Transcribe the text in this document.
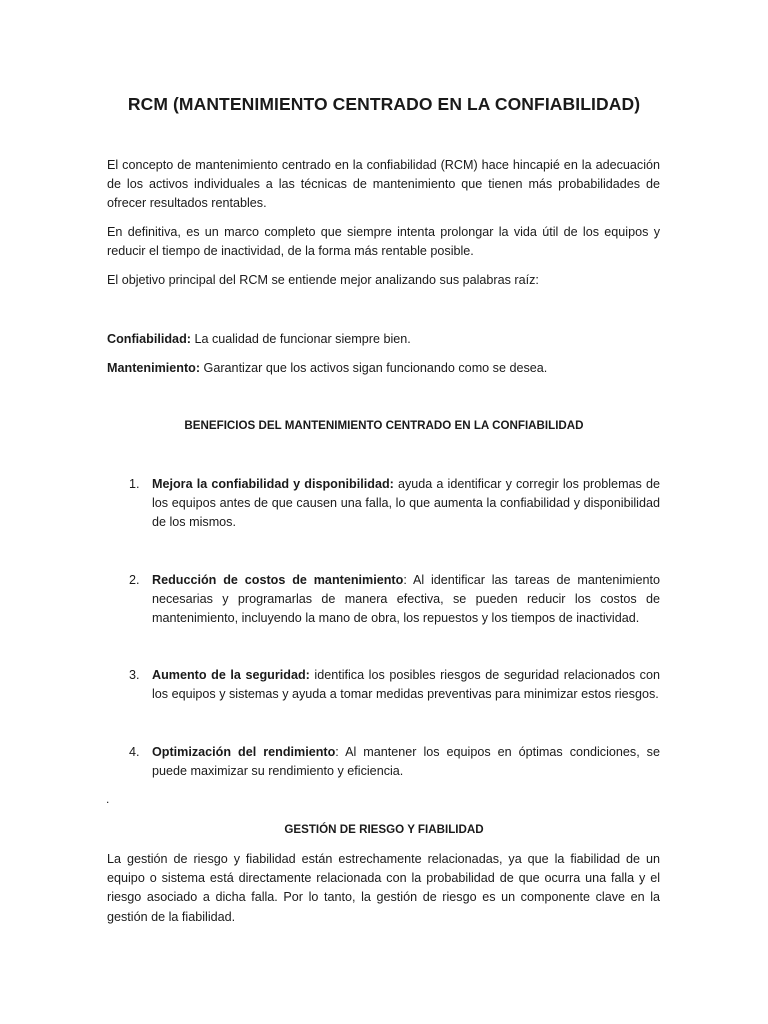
RCM (MANTENIMIENTO CENTRADO EN LA CONFIABILIDAD)

El concepto de mantenimiento centrado en la confiabilidad (RCM) hace hincapié en la adecuación de los activos individuales a las técnicas de mantenimiento que tienen más probabilidades de ofrecer resultados rentables.

En definitiva, es un marco completo que siempre intenta prolongar la vida útil de los equipos y reducir el tiempo de inactividad, de la forma más rentable posible.

El objetivo principal del RCM se entiende mejor analizando sus palabras raíz:

Confiabilidad: La cualidad de funcionar siempre bien.

Mantenimiento: Garantizar que los activos sigan funcionando como se desea.

BENEFICIOS DEL MANTENIMIENTO CENTRADO EN LA CONFIABILIDAD
1. Mejora la confiabilidad y disponibilidad: ayuda a identificar y corregir los problemas de los equipos antes de que causen una falla, lo que aumenta la confiabilidad y disponibilidad de los mismos.
2. Reducción de costos de mantenimiento: Al identificar las tareas de mantenimiento necesarias y programarlas de manera efectiva, se pueden reducir los costos de mantenimiento, incluyendo la mano de obra, los repuestos y los tiempos de inactividad.
3. Aumento de la seguridad: identifica los posibles riesgos de seguridad relacionados con los equipos y sistemas y ayuda a tomar medidas preventivas para minimizar estos riesgos.
4. Optimización del rendimiento: Al mantener los equipos en óptimas condiciones, se puede maximizar su rendimiento y eficiencia.
.
GESTIÓN DE RIESGO Y FIABILIDAD

La gestión de riesgo y fiabilidad están estrechamente relacionadas, ya que la fiabilidad de un equipo o sistema está directamente relacionada con la probabilidad de que ocurra una falla y el riesgo asociado a dicha falla. Por lo tanto, la gestión de riesgo es un componente clave en la gestión de la fiabilidad.
